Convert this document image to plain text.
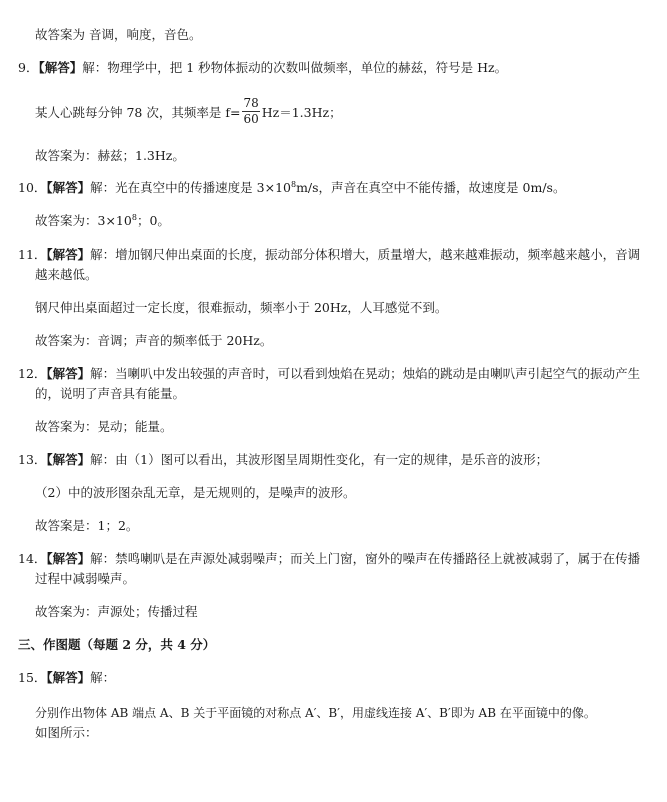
故答案为 音调，响度，音色。
9．【解答】解：物理学中，把 1 秒物体振动的次数叫做频率，单位的赫兹，符号是 Hz。
某人心跳每分钟 78 次，其频率是 $f= \frac{78}{60} Hz=1.3Hz$；
故答案为：赫兹；1.3Hz。
10．【解答】解：光在真空中的传播速度是 $3\times 10^8m/s$，声音在真空中不能传播，故速度是 0m/s。
故答案为：$3\times 10^8$；0。
11．【解答】解：增加钢尺伸出桌面的长度，振动部分体积增大，质量增大，越来越难振动，频率越来越小，音调
越来越低。
钢尺伸出桌面超过一定长度，很难振动，频率小于 20Hz，人耳感觉不到。
故答案为：音调；声音的频率低于 20Hz。
12．【解答】解：当喇叭中发出较强的声音时，可以看到烛焰在晃动；烛焰的跳动是由喇叭声引起空气的振动产生
的，说明了声音具有能量。
故答案为：晃动；能量。
13．【解答】解：由（1）图可以看出，其波形图呈周期性变化，有一定的规律，是乐音的波形；
（2）中的波形图杂乱无章，是无规则的，是噪声的波形。
故答案是：1；2。
14．【解答】解：禁鸣喇叭是在声源处减弱噪声；而关上门窗，窗外的噪声在传播路径上就被减弱了，属于在传播
过程中减弱噪声。
故答案为：声源处；传播过程
三、作图题（每题 2 分，共 4 分）
15．【解答】解：
分别作出物体 AB 端点 A、B 关于平面镜的对称点 A′、B′，用虚线连接 A′、B′即为 AB 在平面镜中的像。
如图所示：
